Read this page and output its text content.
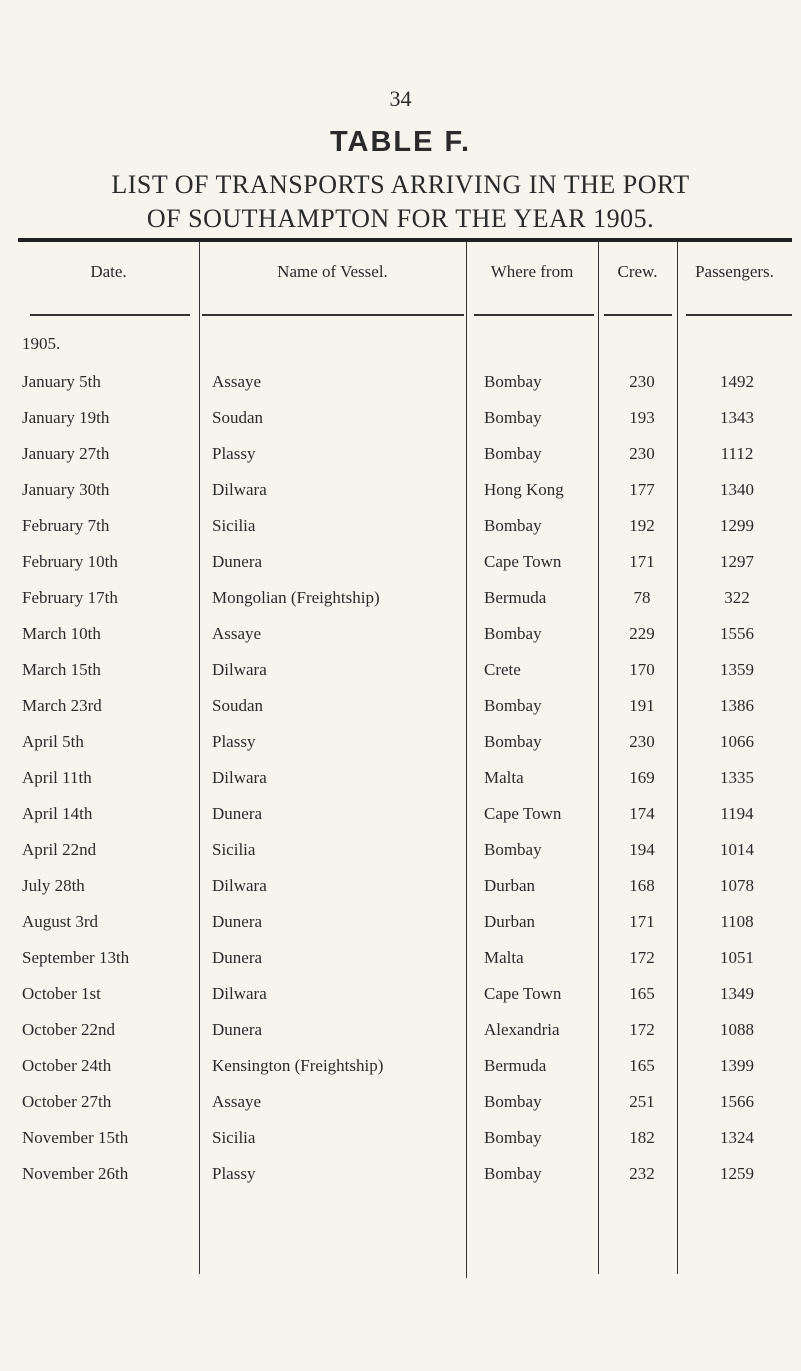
34
TABLE F.
LIST OF TRANSPORTS ARRIVING IN THE PORT
OF SOUTHAMPTON FOR THE YEAR 1905.
Date.	Name of Vessel.	Where from	Crew.	Passengers.
1905.
January 5th	Assaye	Bombay	230	1492
January 19th	Soudan	Bombay	193	1343
January 27th	Plassy	Bombay	230	1112
January 30th	Dilwara	Hong Kong	177	1340
February 7th	Sicilia	Bombay	192	1299
February 10th	Dunera	Cape Town	171	1297
February 17th	Mongolian (Freightship)	Bermuda	78	322
March 10th	Assaye	Bombay	229	1556
March 15th	Dilwara	Crete	170	1359
March 23rd	Soudan	Bombay	191	1386
April 5th	Plassy	Bombay	230	1066
April 11th	Dilwara	Malta	169	1335
April 14th	Dunera	Cape Town	174	1194
April 22nd	Sicilia	Bombay	194	1014
July 28th	Dilwara	Durban	168	1078
August 3rd	Dunera	Durban	171	1108
September 13th	Dunera	Malta	172	1051
October 1st	Dilwara	Cape Town	165	1349
October 22nd	Dunera	Alexandria	172	1088
October 24th	Kensington (Freightship)	Bermuda	165	1399
October 27th	Assaye	Bombay	251	1566
November 15th	Sicilia	Bombay	182	1324
November 26th	Plassy	Bombay	232	1259
